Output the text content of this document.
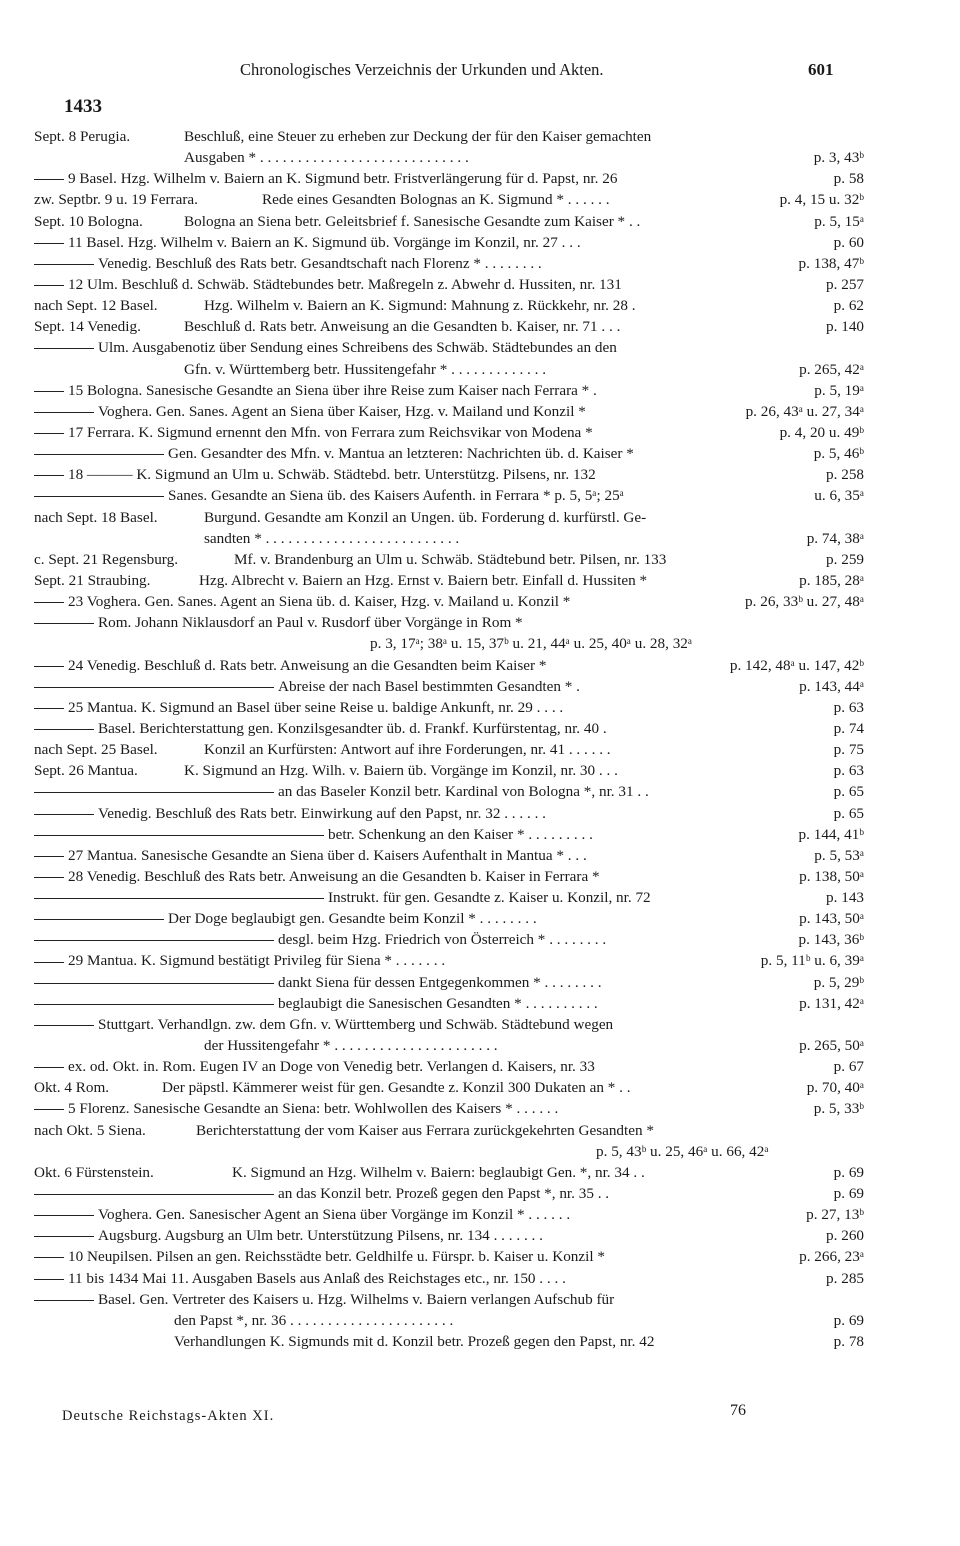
Chronologisches Verzeichnis der Urkunden und Akten.	601
1433
Sept. 8 Perugia.	Beschluß, eine Steuer zu erheben zur Deckung der für den Kaiser gemachten
Ausgaben * . . . . . . . . . . . . . . . . . . . . . . . . . . . .	p. 3, 43ᵇ
9 Basel. Hzg. Wilhelm v. Baiern an K. Sigmund betr. Fristverlängerung für d. Papst, nr. 26	p. 58
zw. Septbr. 9 u. 19 Ferrara.	Rede eines Gesandten Bolognas an K. Sigmund * . . . . . .	p. 4, 15 u. 32ᵇ
Sept. 10 Bologna.	Bologna an Siena betr. Geleitsbrief f. Sanesische Gesandte zum Kaiser * . .	p. 5, 15ᵃ
11 Basel. Hzg. Wilhelm v. Baiern an K. Sigmund üb. Vorgänge im Konzil, nr. 27 . . .	p. 60
Venedig. Beschluß des Rats betr. Gesandtschaft nach Florenz * . . . . . . . .	p. 138, 47ᵇ
12 Ulm. Beschluß d. Schwäb. Städtebundes betr. Maßregeln z. Abwehr d. Hussiten, nr. 131	p. 257
nach Sept. 12 Basel.	Hzg. Wilhelm v. Baiern an K. Sigmund: Mahnung z. Rückkehr, nr. 28 .	p. 62
Sept. 14 Venedig.	Beschluß d. Rats betr. Anweisung an die Gesandten b. Kaiser, nr. 71 . . .	p. 140
Ulm. Ausgabenotiz über Sendung eines Schreibens des Schwäb. Städtebundes an den
Gfn. v. Württemberg betr. Hussitengefahr * . . . . . . . . . . . . .	p. 265, 42ᵃ
15 Bologna. Sanesische Gesandte an Siena über ihre Reise zum Kaiser nach Ferrara * .	p. 5, 19ᵃ
Voghera. Gen. Sanes. Agent an Siena über Kaiser, Hzg. v. Mailand und Konzil *	p. 26, 43ᵃ u. 27, 34ᵃ
17 Ferrara. K. Sigmund ernennt den Mfn. von Ferrara zum Reichsvikar von Modena *	p. 4, 20 u. 49ᵇ
Gen. Gesandter des Mfn. v. Mantua an letzteren: Nachrichten üb. d. Kaiser *	p. 5, 46ᵇ
18 ——— K. Sigmund an Ulm u. Schwäb. Städtebd. betr. Unterstützg. Pilsens, nr. 132	p. 258
Sanes. Gesandte an Siena üb. des Kaisers Aufenth. in Ferrara * p. 5, 5ᵃ; 25ᵃ	u. 6, 35ᵃ
nach Sept. 18 Basel.	Burgund. Gesandte am Konzil an Ungen. üb. Forderung d. kurfürstl. Ge-
sandten * . . . . . . . . . . . . . . . . . . . . . . . . . .	p. 74, 38ᵃ
c. Sept. 21 Regensburg.	Mf. v. Brandenburg an Ulm u. Schwäb. Städtebund betr. Pilsen, nr. 133	p. 259
Sept. 21 Straubing.	Hzg. Albrecht v. Baiern an Hzg. Ernst v. Baiern betr. Einfall d. Hussiten *	p. 185, 28ᵃ
23 Voghera. Gen. Sanes. Agent an Siena üb. d. Kaiser, Hzg. v. Mailand u. Konzil *	p. 26, 33ᵇ u. 27, 48ᵃ
Rom. Johann Niklausdorf an Paul v. Rusdorf über Vorgänge in Rom *
p. 3, 17ᵃ; 38ᵃ u. 15, 37ᵇ u. 21, 44ᵃ u. 25, 40ᵃ u. 28, 32ᵃ
24 Venedig. Beschluß d. Rats betr. Anweisung an die Gesandten beim Kaiser *	p. 142, 48ᵃ u. 147, 42ᵇ
Abreise der nach Basel bestimmten Gesandten * .	p. 143, 44ᵃ
25 Mantua. K. Sigmund an Basel über seine Reise u. baldige Ankunft, nr. 29 . . . .	p. 63
Basel. Berichterstattung gen. Konzilsgesandter üb. d. Frankf. Kurfürstentag, nr. 40 .	p. 74
nach Sept. 25 Basel.	Konzil an Kurfürsten: Antwort auf ihre Forderungen, nr. 41 . . . . . .	p. 75
Sept. 26 Mantua.	K. Sigmund an Hzg. Wilh. v. Baiern üb. Vorgänge im Konzil, nr. 30 . . .	p. 63
an das Baseler Konzil betr. Kardinal von Bologna *, nr. 31 . .	p. 65
Venedig. Beschluß des Rats betr. Einwirkung auf den Papst, nr. 32 . . . . . .	p. 65
betr. Schenkung an den Kaiser * . . . . . . . . .	p. 144, 41ᵇ
27 Mantua. Sanesische Gesandte an Siena über d. Kaisers Aufenthalt in Mantua * . . .	p. 5, 53ᵃ
28 Venedig. Beschluß des Rats betr. Anweisung an die Gesandten b. Kaiser in Ferrara *	p. 138, 50ᵃ
Instrukt. für gen. Gesandte z. Kaiser u. Konzil, nr. 72	p. 143
Der Doge beglaubigt gen. Gesandte beim Konzil * . . . . . . . .	p. 143, 50ᵃ
desgl. beim Hzg. Friedrich von Österreich * . . . . . . . .	p. 143, 36ᵇ
29 Mantua. K. Sigmund bestätigt Privileg für Siena * . . . . . . .	p. 5, 11ᵇ u. 6, 39ᵃ
dankt Siena für dessen Entgegenkommen * . . . . . . . .	p. 5, 29ᵇ
beglaubigt die Sanesischen Gesandten * . . . . . . . . . .	p. 131, 42ᵃ
Stuttgart. Verhandlgn. zw. dem Gfn. v. Württemberg und Schwäb. Städtebund wegen
der Hussitengefahr * . . . . . . . . . . . . . . . . . . . . . .	p. 265, 50ᵃ
ex. od. Okt. in. Rom. Eugen IV an Doge von Venedig betr. Verlangen d. Kaisers, nr. 33	p. 67
Okt. 4 Rom.	Der päpstl. Kämmerer weist für gen. Gesandte z. Konzil 300 Dukaten an * . .	p. 70, 40ᵃ
5 Florenz. Sanesische Gesandte an Siena: betr. Wohlwollen des Kaisers * . . . . . .	p. 5, 33ᵇ
nach Okt. 5 Siena.	Berichterstattung der vom Kaiser aus Ferrara zurückgekehrten Gesandten *
p. 5, 43ᵇ u. 25, 46ᵃ u. 66, 42ᵃ
Okt. 6 Fürstenstein.	K. Sigmund an Hzg. Wilhelm v. Baiern: beglaubigt Gen. *, nr. 34 . .	p. 69
an das Konzil betr. Prozeß gegen den Papst *, nr. 35 . .	p. 69
Voghera. Gen. Sanesischer Agent an Siena über Vorgänge im Konzil * . . . . . .	p. 27, 13ᵇ
Augsburg. Augsburg an Ulm betr. Unterstützung Pilsens, nr. 134 . . . . . . .	p. 260
10 Neupilsen. Pilsen an gen. Reichsstädte betr. Geldhilfe u. Fürspr. b. Kaiser u. Konzil *	p. 266, 23ᵃ
11 bis 1434 Mai 11. Ausgaben Basels aus Anlaß des Reichstages etc., nr. 150 . . . .	p. 285
Basel. Gen. Vertreter des Kaisers u. Hzg. Wilhelms v. Baiern verlangen Aufschub für
den Papst *, nr. 36 . . . . . . . . . . . . . . . . . . . . . .	p. 69
Verhandlungen K. Sigmunds mit d. Konzil betr. Prozeß gegen den Papst, nr. 42	p. 78
Deutsche Reichstags-Akten XI.	76
